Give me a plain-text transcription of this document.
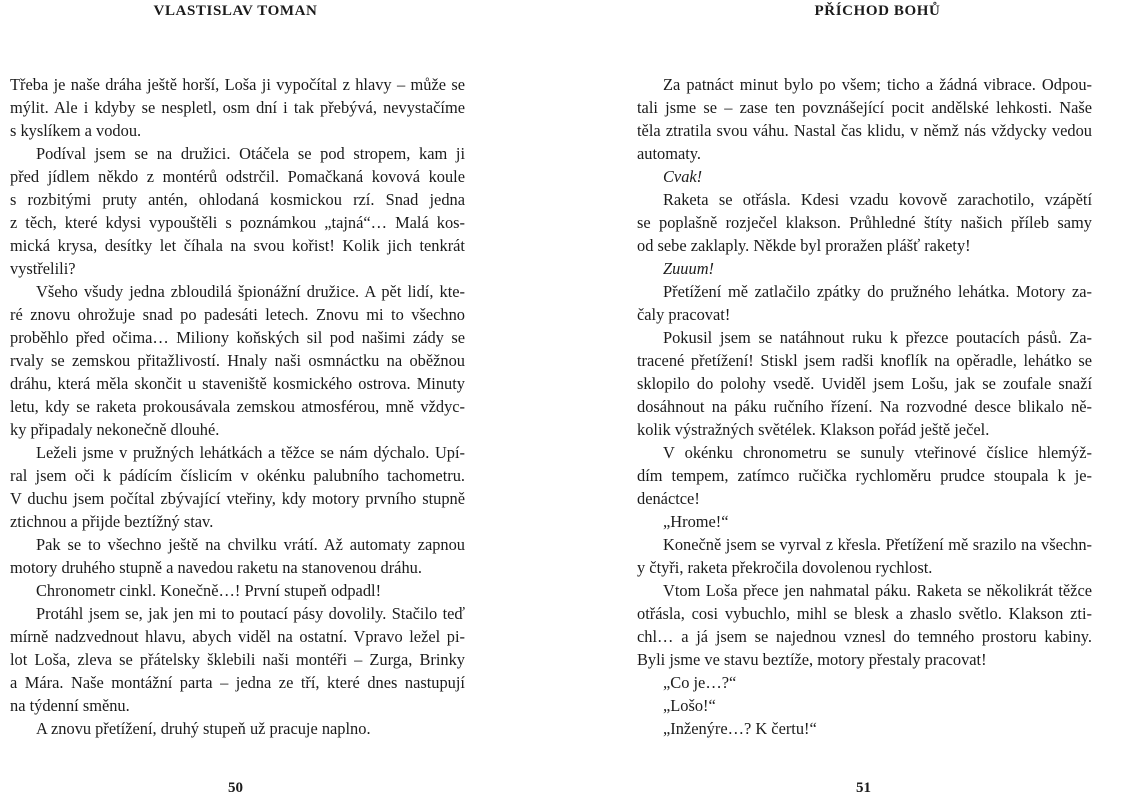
VLASTISLAV TOMAN
Třeba je naše dráha ještě horší, Loša ji vypočítal z hlavy – může se
mýlit. Ale i kdyby se nespletl, osm dní i tak přebývá, nevystačíme
s kyslíkem a vodou.
Podíval jsem se na družici. Otáčela se pod stropem, kam ji
před jídlem někdo z montérů odstrčil. Pomačkaná kovová koule
s rozbitými pruty antén, ohlodaná kosmickou rzí. Snad jedna
z těch, které kdysi vypouštěli s poznámkou „tajná“… Malá kos-
mická krysa, desítky let číhala na svou kořist! Kolik jich tenkrát
vystřelili?
Všeho všudy jedna zbloudilá špionážní družice. A pět lidí, kte-
ré znovu ohrožuje snad po padesáti letech. Znovu mi to všechno
proběhlo před očima… Miliony koňských sil pod našimi zády se
rvaly se zemskou přitažlivostí. Hnaly naši osmnáctku na oběžnou
dráhu, která měla skončit u staveniště kosmického ostrova. Minuty
letu, kdy se raketa prokousávala zemskou atmosférou, mně vždyc-
ky připadaly nekonečně dlouhé.
Leželi jsme v pružných lehátkách a těžce se nám dýchalo. Upí-
ral jsem oči k pádícím číslicím v okénku palubního tachometru.
V duchu jsem počítal zbývající vteřiny, kdy motory prvního stupně
ztichnou a přijde beztížný stav.
Pak se to všechno ještě na chvilku vrátí. Až automaty zapnou
motory druhého stupně a navedou raketu na stanovenou dráhu.
Chronometr cinkl. Konečně…! První stupeň odpadl!
Protáhl jsem se, jak jen mi to poutací pásy dovolily. Stačilo teď
mírně nadzvednout hlavu, abych viděl na ostatní. Vpravo ležel pi-
lot Loša, zleva se přátelsky šklebili naši montéři – Zurga, Brinky
a Mára. Naše montážní parta – jedna ze tří, které dnes nastupují
na týdenní směnu.
A znovu přetížení, druhý stupeň už pracuje naplno.
50
PŘÍCHOD BOHŮ
Za patnáct minut bylo po všem; ticho a žádná vibrace. Odpou-
tali jsme se – zase ten povznášející pocit andělské lehkosti. Naše
těla ztratila svou váhu. Nastal čas klidu, v němž nás vždycky vedou
automaty.
Cvak!
Raketa se otřásla. Kdesi vzadu kovově zarachotilo, vzápětí
se poplašně rozječel klakson. Průhledné štíty našich příleb samy
od sebe zaklaply. Někde byl proražen plášť rakety!
Zuuum!
Přetížení mě zatlačilo zpátky do pružného lehátka. Motory za-
čaly pracovat!
Pokusil jsem se natáhnout ruku k přezce poutacích pásů. Za-
tracené přetížení! Stiskl jsem radši knoflík na opěradle, lehátko se
sklopilo do polohy vsedě. Uviděl jsem Lošu, jak se zoufale snaží
dosáhnout na páku ručního řízení. Na rozvodné desce blikalo ně-
kolik výstražných světélek. Klakson pořád ještě ječel.
V okénku chronometru se sunuly vteřinové číslice hlemýž-
dím tempem, zatímco ručička rychloměru prudce stoupala k je-
denáctce!
„Hrome!“
Konečně jsem se vyrval z křesla. Přetížení mě srazilo na všechn-
y čtyři, raketa překročila dovolenou rychlost.
Vtom Loša přece jen nahmatal páku. Raketa se několikrát těžce
otřásla, cosi vybuchlo, mihl se blesk a zhaslo světlo. Klakson zti-
chl… a já jsem se najednou vznesl do temného prostoru kabiny.
Byli jsme ve stavu beztíže, motory přestaly pracovat!
„Co je…?“
„Lošo!“
„Inženýre…? K čertu!“
51
